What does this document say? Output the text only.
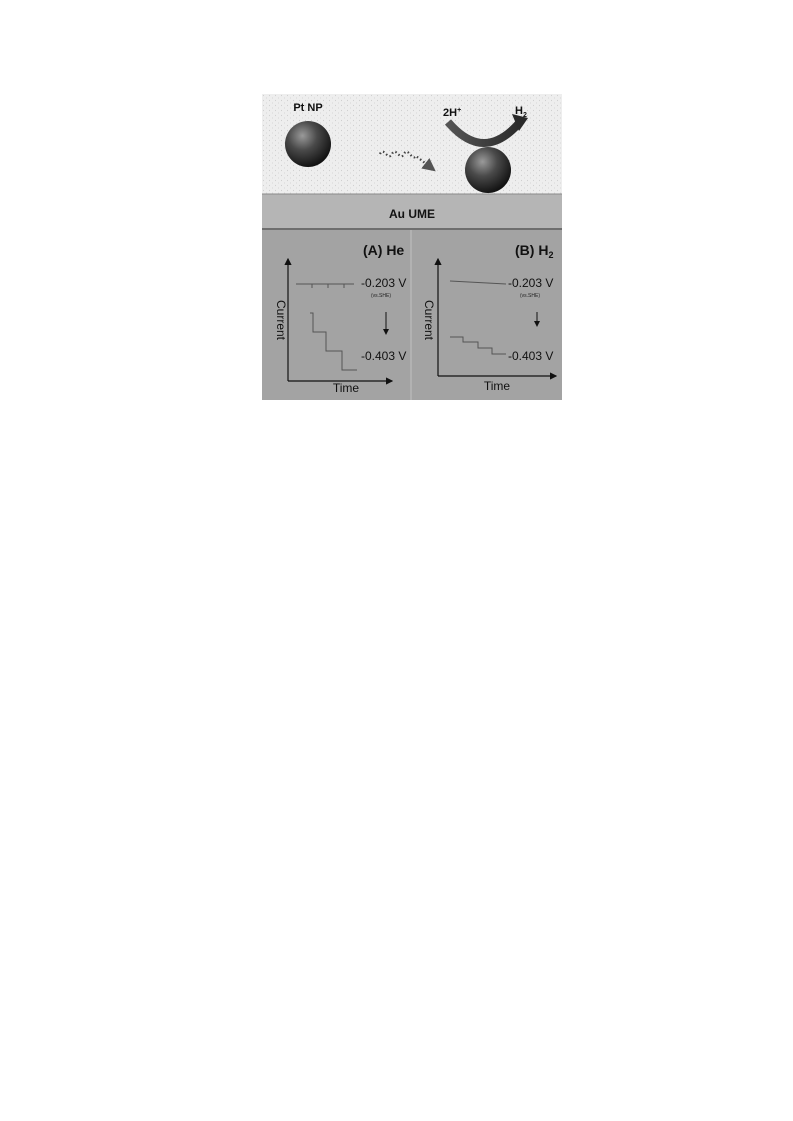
Pt NP	2H+	$H_2$
Au UME
(A) He
Current
Time
-0.203 V
(vs.SHE)
-0.403 V
(B) $H_2$
Current
Time
-0.203 V
(vs.SHE)
-0.403 V
